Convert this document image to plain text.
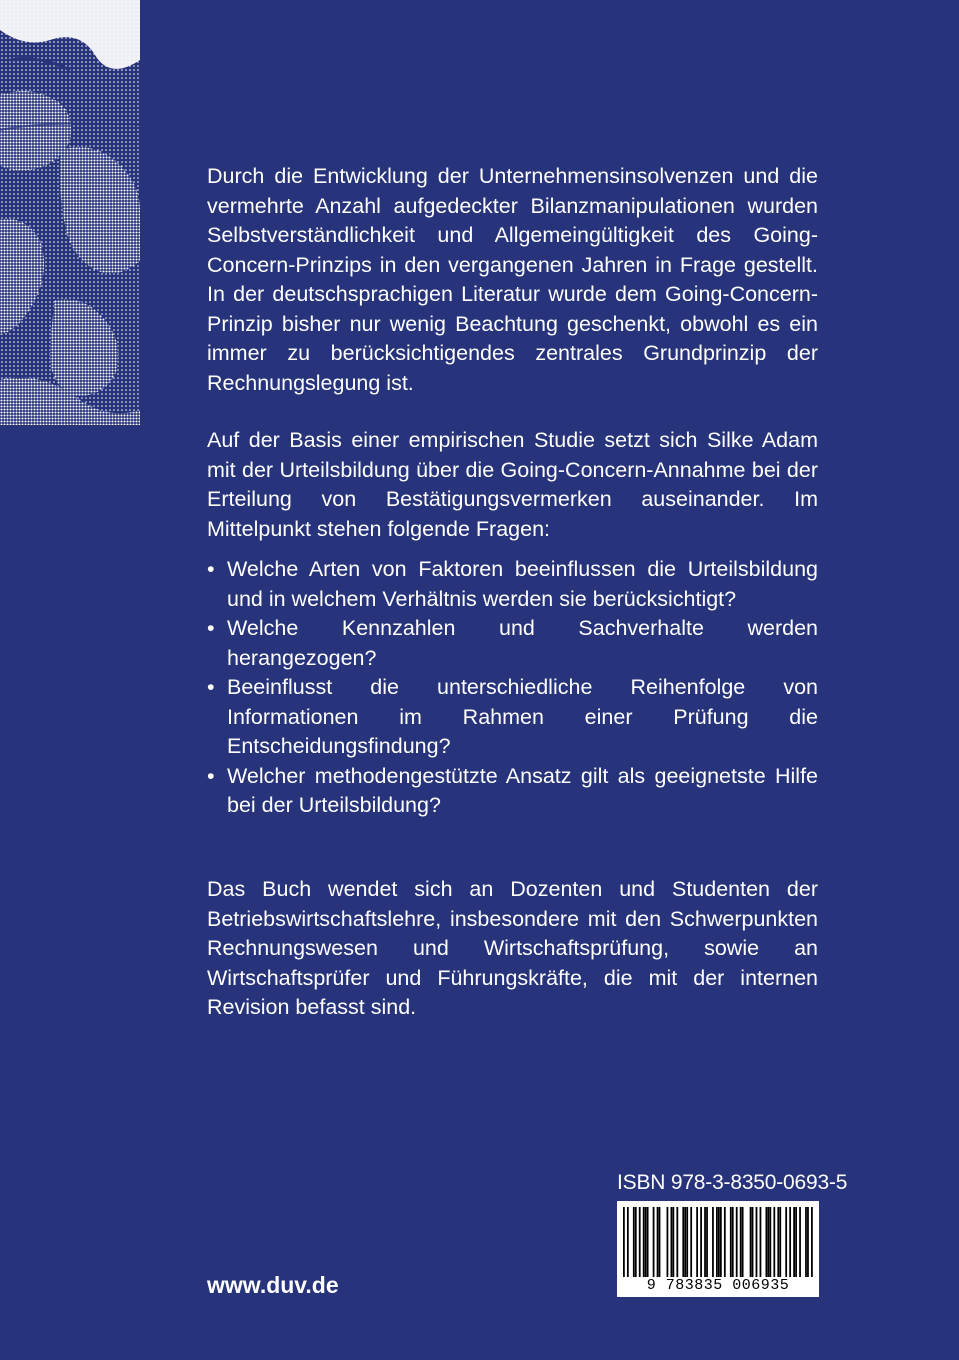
Durch die Entwicklung der Unternehmensinsolvenzen und die vermehrte Anzahl aufgedeckter Bilanzmanipulationen wurden Selbstverständlichkeit und Allgemeingültigkeit des Going-Concern-Prinzips in den vergangenen Jahren in Frage gestellt. In der deutschsprachigen Literatur wurde dem Going-Concern-Prinzip bisher nur wenig Beachtung geschenkt, obwohl es ein immer zu berücksichtigendes zentrales Grundprinzip der Rechnungslegung ist.

Auf der Basis einer empirischen Studie setzt sich Silke Adam mit der Urteilsbildung über die Going-Concern-Annahme bei der Erteilung von Bestätigungsvermerken auseinander. Im Mittelpunkt stehen folgende Fragen:

• Welche Arten von Faktoren beeinflussen die Urteilsbildung und in welchem Verhältnis werden sie berücksichtigt?
• Welche Kennzahlen und Sachverhalte werden herangezogen?
• Beeinflusst die unterschiedliche Reihenfolge von Informationen im Rahmen einer Prüfung die Entscheidungsfindung?
• Welcher methodengestützte Ansatz gilt als geeignetste Hilfe bei der Urteilsbildung?

Das Buch wendet sich an Dozenten und Studenten der Betriebswirtschaftslehre, insbesondere mit den Schwerpunkten Rechnungswesen und Wirtschaftsprüfung, sowie an Wirtschaftsprüfer und Führungskräfte, die mit der internen Revision befasst sind.

ISBN 978-3-8350-0693-5
9 783835 006935
www.duv.de
